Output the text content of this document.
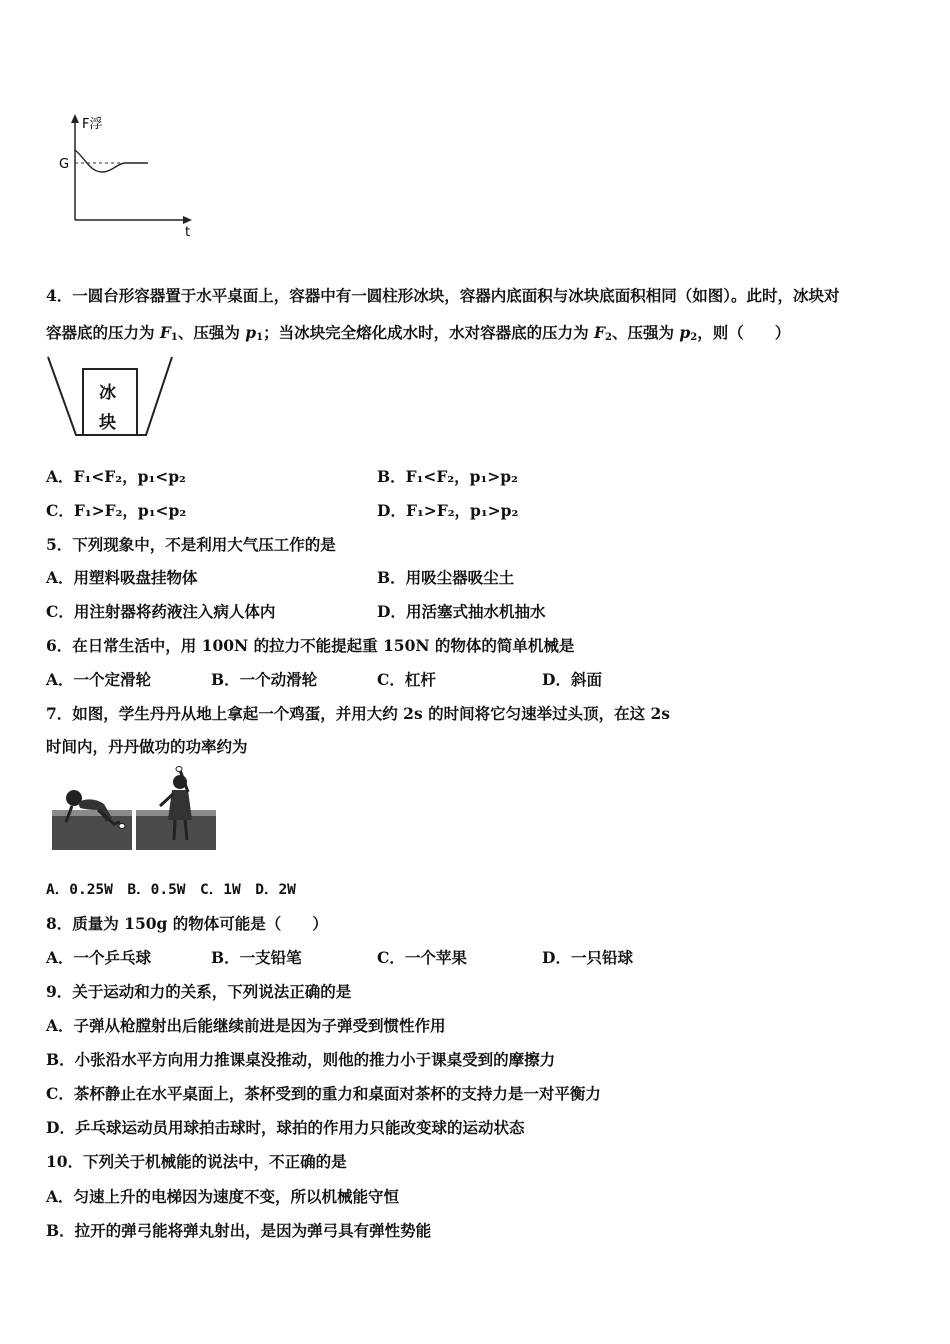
F浮
t
G
4．一圆台形容器置于水平桌面上，容器中有一圆柱形冰块，容器内底面积与冰块底面积相同（如图）。此时，冰块对
容器底的压力为 $F_1$、压强为 $p_1$；当冰块完全熔化成水时，水对容器底的压力为 $F_2$、压强为 $p_2$，则（　　）
冰
块
A．F₁<F₂，p₁<p₂	B．F₁<F₂，p₁>p₂
C．F₁>F₂，p₁<p₂	D．F₁>F₂，p₁>p₂
5．下列现象中，不是利用大气压工作的是
A．用塑料吸盘挂物体	B．用吸尘器吸尘土
C．用注射器将药液注入病人体内	D．用活塞式抽水机抽水
6．在日常生活中，用 100N 的拉力不能提起重 150N 的物体的简单机械是
A．一个定滑轮	B．一个动滑轮	C．杠杆	D．斜面
7．如图，学生丹丹从地上拿起一个鸡蛋，并用大约 2s 的时间将它匀速举过头顶，在这 2s
时间内，丹丹做功的功率约为
A．0.25W　B．0.5W　C．1W　D．2W
8．质量为 150g 的物体可能是（　　）
A．一个乒乓球	B．一支铅笔	C．一个苹果	D．一只铅球
9．关于运动和力的关系，下列说法正确的是
A．子弹从枪膛射出后能继续前进是因为子弹受到惯性作用
B．小张沿水平方向用力推课桌没推动，则他的推力小于课桌受到的摩擦力
C．茶杯静止在水平桌面上，茶杯受到的重力和桌面对茶杯的支持力是一对平衡力
D．乒乓球运动员用球拍击球时，球拍的作用力只能改变球的运动状态
10．下列关于机械能的说法中，不正确的是
A．匀速上升的电梯因为速度不变，所以机械能守恒
B．拉开的弹弓能将弹丸射出，是因为弹弓具有弹性势能
